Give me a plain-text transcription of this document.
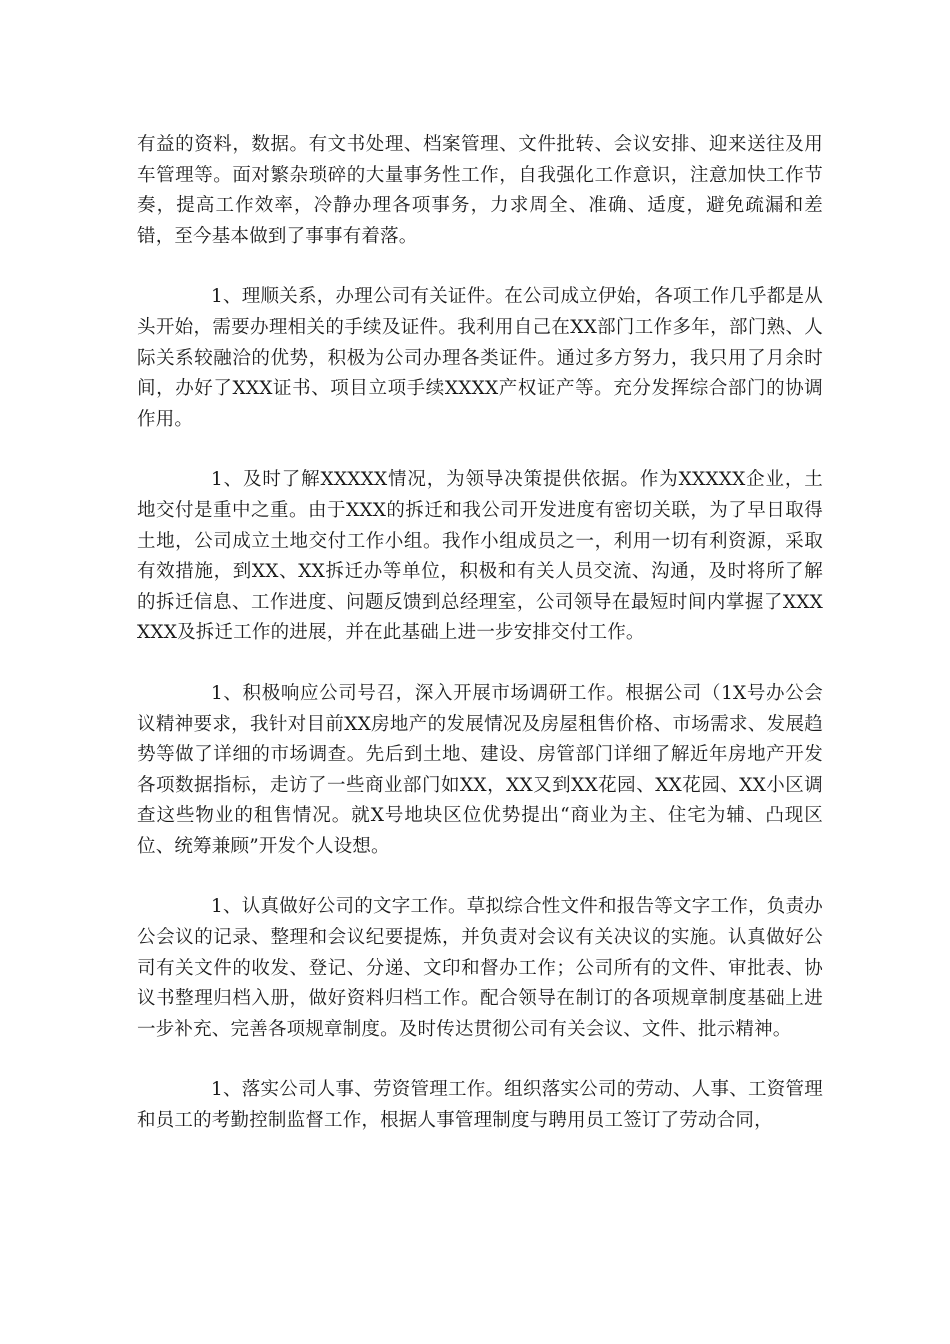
有益的资料，数据。有文书处理、档案管理、文件批转、会议安排、迎来送往及用车管理等。面对繁杂琐碎的大量事务性工作，自我强化工作意识，注意加快工作节奏，提高工作效率，冷静办理各项事务，力求周全、准确、适度，避免疏漏和差错，至今基本做到了事事有着落。

1、理顺关系，办理公司有关证件。在公司成立伊始，各项工作几乎都是从头开始，需要办理相关的手续及证件。我利用自己在XX部门工作多年，部门熟、人际关系较融洽的优势，积极为公司办理各类证件。通过多方努力，我只用了月余时间，办好了XXX证书、项目立项手续XXXX产权证产等。充分发挥综合部门的协调作用。

1、及时了解XXXXX情况，为领导决策提供依据。作为XXXXX企业，土地交付是重中之重。由于XXX的拆迁和我公司开发进度有密切关联，为了早日取得土地，公司成立土地交付工作小组。我作小组成员之一，利用一切有利资源，采取有效措施，到XX、XX拆迁办等单位，积极和有关人员交流、沟通，及时将所了解的拆迁信息、工作进度、问题反馈到总经理室，公司领导在最短时间内掌握了XXXXXX及拆迁工作的进展，并在此基础上进一步安排交付工作。

1、积极响应公司号召，深入开展市场调研工作。根据公司（1X号办公会议精神要求，我针对目前XX房地产的发展情况及房屋租售价格、市场需求、发展趋势等做了详细的市场调查。先后到土地、建设、房管部门详细了解近年房地产开发各项数据指标，走访了一些商业部门如XX，XX又到XX花园、XX花园、XX小区调查这些物业的租售情况。就X号地块区位优势提出“商业为主、住宅为辅、凸现区位、统筹兼顾”开发个人设想。

1、认真做好公司的文字工作。草拟综合性文件和报告等文字工作，负责办公会议的记录、整理和会议纪要提炼，并负责对会议有关决议的实施。认真做好公司有关文件的收发、登记、分递、文印和督办工作；公司所有的文件、审批表、协议书整理归档入册，做好资料归档工作。配合领导在制订的各项规章制度基础上进一步补充、完善各项规章制度。及时传达贯彻公司有关会议、文件、批示精神。

1、落实公司人事、劳资管理工作。组织落实公司的劳动、人事、工资管理和员工的考勤控制监督工作，根据人事管理制度与聘用员工签订了劳动合同，
